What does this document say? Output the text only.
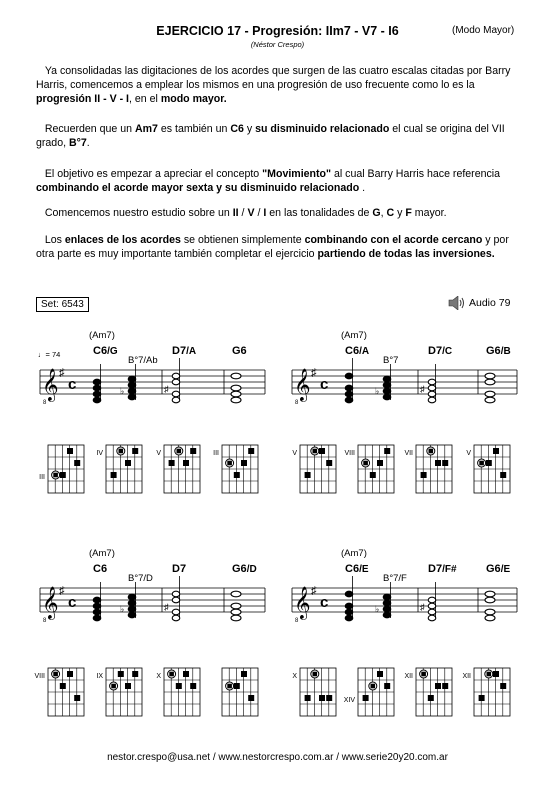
EJERCICIO 17 - Progresión: IIm7 - V7 - I6	(Modo Mayor)
(Néstor Crespo)
Ya consolidadas las digitaciones de los acordes que surgen de las cuatro escalas citadas por Barry Harris, comencemos a emplear los mismos en una progresión de uso frecuente como lo es la progresión II - V - I, en el modo mayor.
Recuerden que un Am7 es también un C6 y su disminuido relacionado el cual se origina del VII grado, B°7.
El objetivo es empezar a apreciar el concepto "Movimiento" al cual Barry Harris hace referencia combinando el acorde mayor sexta y su disminuido relacionado .
Comencemos nuestro estudio sobre un II / V / I en las tonalidades de G, C y F mayor.
Los enlaces de los acordes se obtienen simplemente combinando con el acorde cercano y por otra parte es muy importante también completar el ejercicio partiendo de todas las inversiones.
Set: 6543	Audio 79
(Am7)
C6/G
B°7/Ab
D7/A	G6
♩= 74
𝄞 ♯
c
8
♭	♯
III
IV	V	III
(Am7)
C6/A
B°7
D7/C	G6/B
𝄞 ♯
c
8
♭	♯
V	VIII	VII	V
(Am7)
C6
B°7/D
D7	G6/D
𝄞 ♯
c
8
♭	♯
VIII	IX	X
(Am7)
C6/E
B°7/F
D7/F#	G6/E
𝄞 ♯
c
8
♭	♯
X
XIV
XII	XII
nestor.crespo@usa.net / www.nestorcrespo.com.ar / www.serie20y20.com.ar
